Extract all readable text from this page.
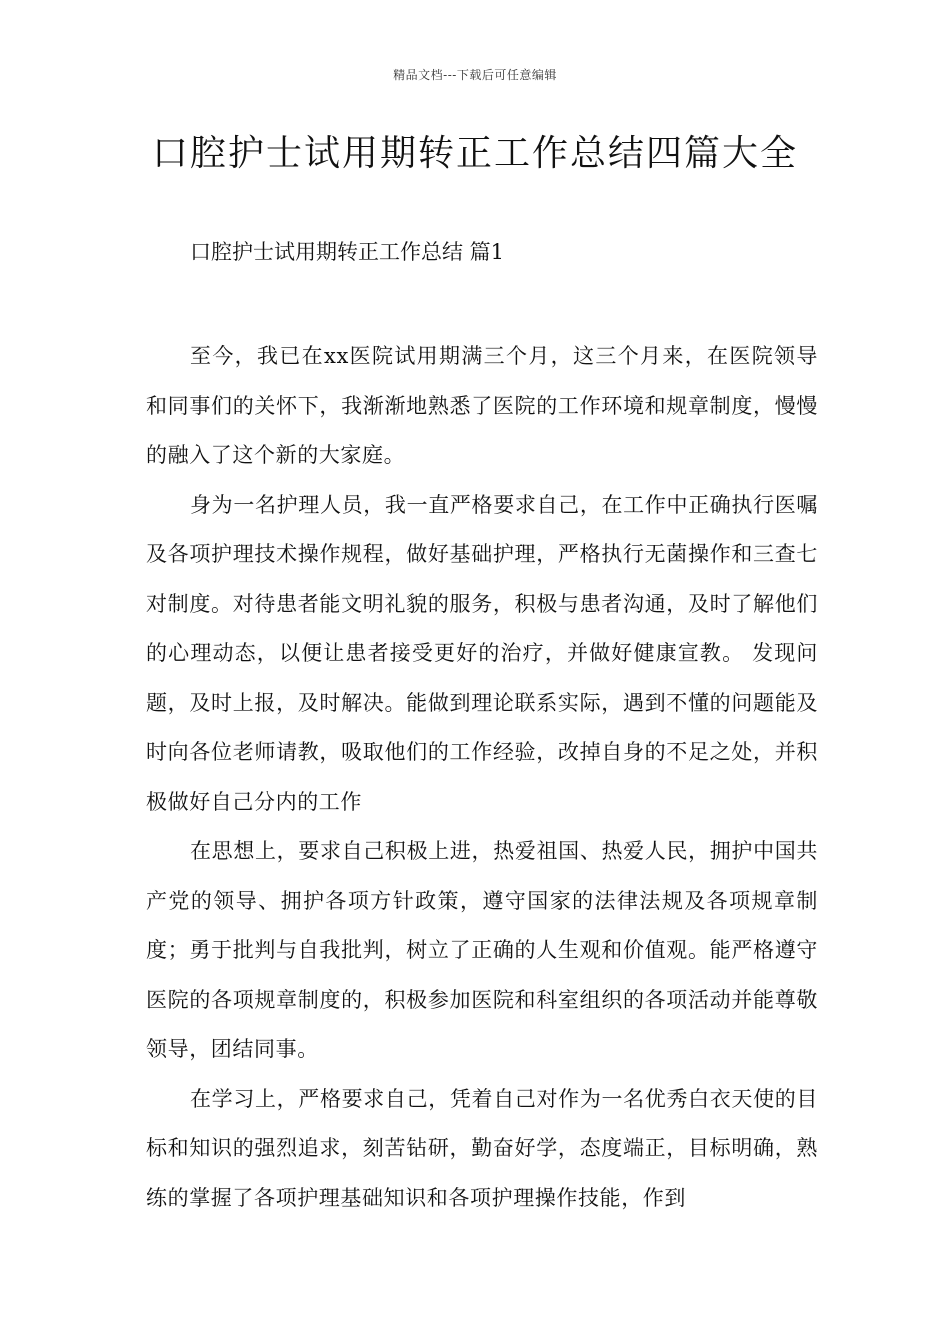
精品文档---下载后可任意编辑
口腔护士试用期转正工作总结四篇大全
口腔护士试用期转正工作总结 篇1

至今，我已在xx医院试用期满三个月，这三个月来，在医院领导和同事们的关怀下，我渐渐地熟悉了医院的工作环境和规章制度，慢慢的融入了这个新的大家庭。

身为一名护理人员，我一直严格要求自己，在工作中正确执行医嘱及各项护理技术操作规程，做好基础护理，严格执行无菌操作和三查七对制度。对待患者能文明礼貌的服务，积极与患者沟通，及时了解他们的心理动态，以便让患者接受更好的治疗，并做好健康宣教。 发现问题，及时上报，及时解决。能做到理论联系实际，遇到不懂的问题能及时向各位老师请教，吸取他们的工作经验，改掉自身的不足之处，并积极做好自己分内的工作

在思想上，要求自己积极上进，热爱祖国、热爱人民，拥护中国共产党的领导、拥护各项方针政策，遵守国家的法律法规及各项规章制度；勇于批判与自我批判，树立了正确的人生观和价值观。能严格遵守医院的各项规章制度的，积极参加医院和科室组织的各项活动并能尊敬领导，团结同事。

在学习上，严格要求自己，凭着自己对作为一名优秀白衣天使的目标和知识的强烈追求，刻苦钻研，勤奋好学，态度端正，目标明确，熟练的掌握了各项护理基础知识和各项护理操作技能，作到
